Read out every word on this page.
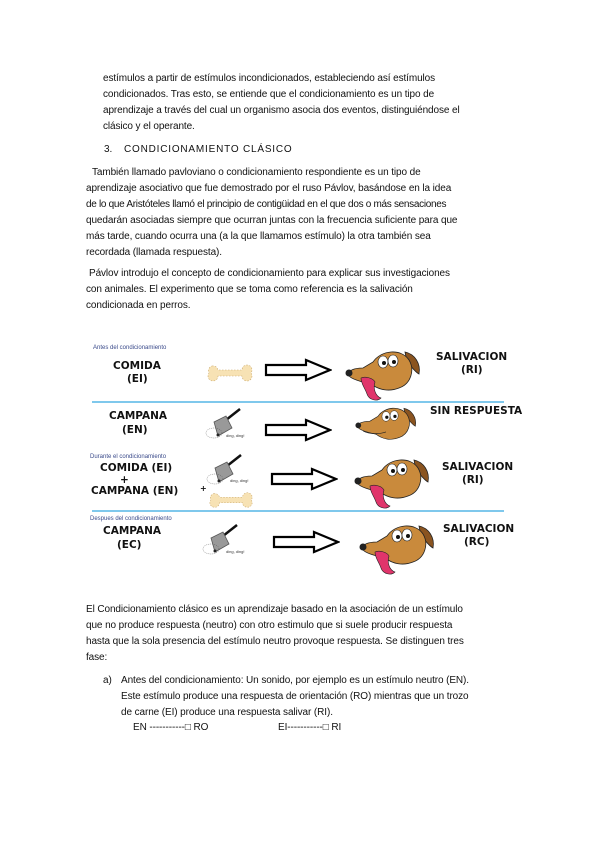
estímulos a partir de estímulos incondicionados, estableciendo así estímulos
condicionados. Tras esto, se entiende que el condicionamiento es un tipo de
aprendizaje a través del cual un organismo asocia dos eventos, distinguiéndose el
clásico y el operante.
3. CONDICIONAMIENTO CLÁSICO
También llamado pavloviano o condicionamiento respondiente es un tipo de
aprendizaje asociativo que fue demostrado por el ruso Pávlov, basándose en la idea
de lo que Aristóteles llamó el principio de contigüidad en el que dos o más sensaciones
quedarán asociadas siempre que ocurran juntas con la frecuencia suficiente para que
más tarde, cuando ocurra una (a la que llamamos estímulo) la otra también sea
recordada (llamada respuesta).
Pávlov introdujo el concepto de condicionamiento para explicar sus investigaciones
con animales. El experimento que se toma como referencia es la salivación
condicionada en perros.
Antes del condicionamiento
COMIDA
(EI)
SALIVACION
(RI)
CAMPANA
(EN)	ding, ding!
SIN RESPUESTA
Durante el condicionamiento
COMIDA (EI)
+
CAMPANA (EN)
ding, ding!
+
SALIVACION
(RI)
Despues del condicionamiento
CAMPANA
(EC)
ding, ding!
SALIVACION
(RC)
El Condicionamiento clásico es un aprendizaje basado en la asociación de un estímulo
que no produce respuesta (neutro) con otro estimulo que si suele producir respuesta
hasta que la sola presencia del estímulo neutro provoque respuesta. Se distinguen tres
fase:
a) Antes del condicionamiento: Un sonido, por ejemplo es un estímulo neutro (EN).
Este estímulo produce una respuesta de orientación (RO) mientras que un trozo
de carne (EI) produce una respuesta salivar (RI).
EN -----------□ RO	EI-----------□ RI
